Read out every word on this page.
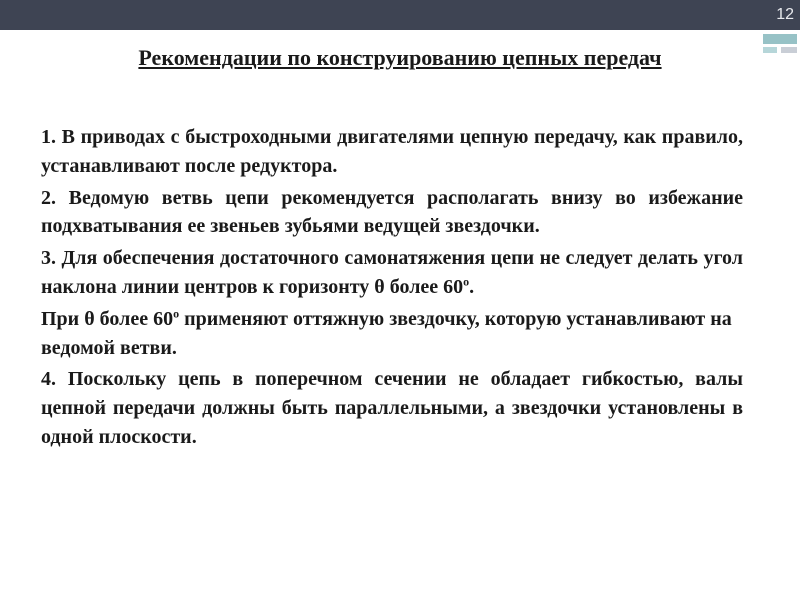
12
Рекомендации по конструированию цепных передач

1. В приводах с быстроходными двигателями цепную передачу, как правило, устанавливают после редуктора.

2. Ведомую ветвь цепи рекомендуется располагать внизу во избежание подхватывания ее звеньев зубьями ведущей звездочки.

3. Для обеспечения достаточного самонатяжения цепи не следует делать угол наклона линии центров к горизонту θ более $60^о$.

При θ более $60^о$ применяют оттяжную звездочку, которую устанавливают на ведомой ветви.

4. Поскольку цепь в поперечном сечении не обладает гибкостью, валы цепной передачи должны быть параллельными, а звездочки установлены в одной плоскости.
